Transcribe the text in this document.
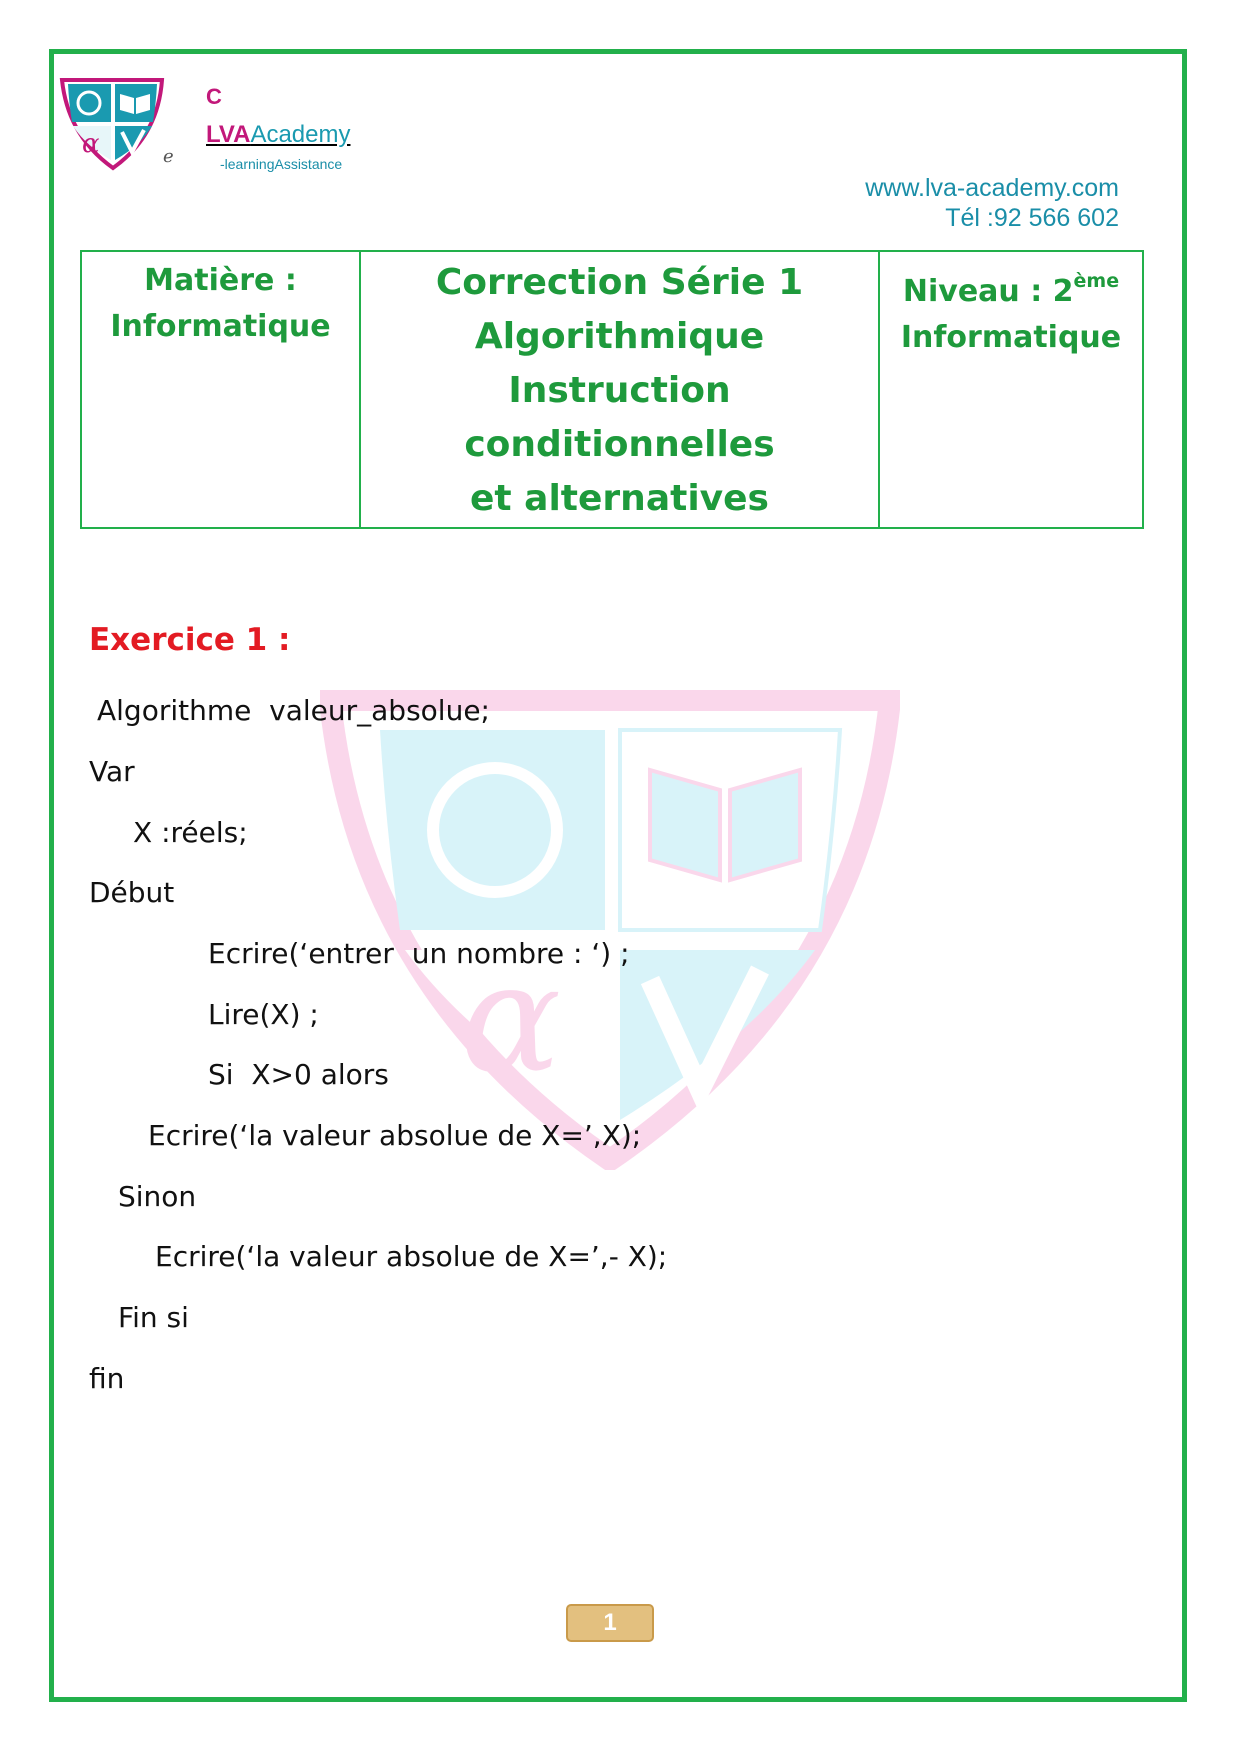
α
C
e
LVAAcademy
-learningAssistance
www.lva-academy.com
Tél :92 566 602
Matière :
Informatique

Correction Série 1
Algorithmique
Instruction conditionnelles
et alternatives

Niveau : 2ème
Informatique
α
Exercice 1 :
Algorithme  valeur_absolue;
Var
X :réels;
Début
Ecrire(‘entrer  un nombre : ‘) ;
Lire(X) ;
Si  X>0 alors
Ecrire(‘la valeur absolue de X=’,X);
Sinon
Ecrire(‘la valeur absolue de X=’,- X);
Fin si
fin
1
